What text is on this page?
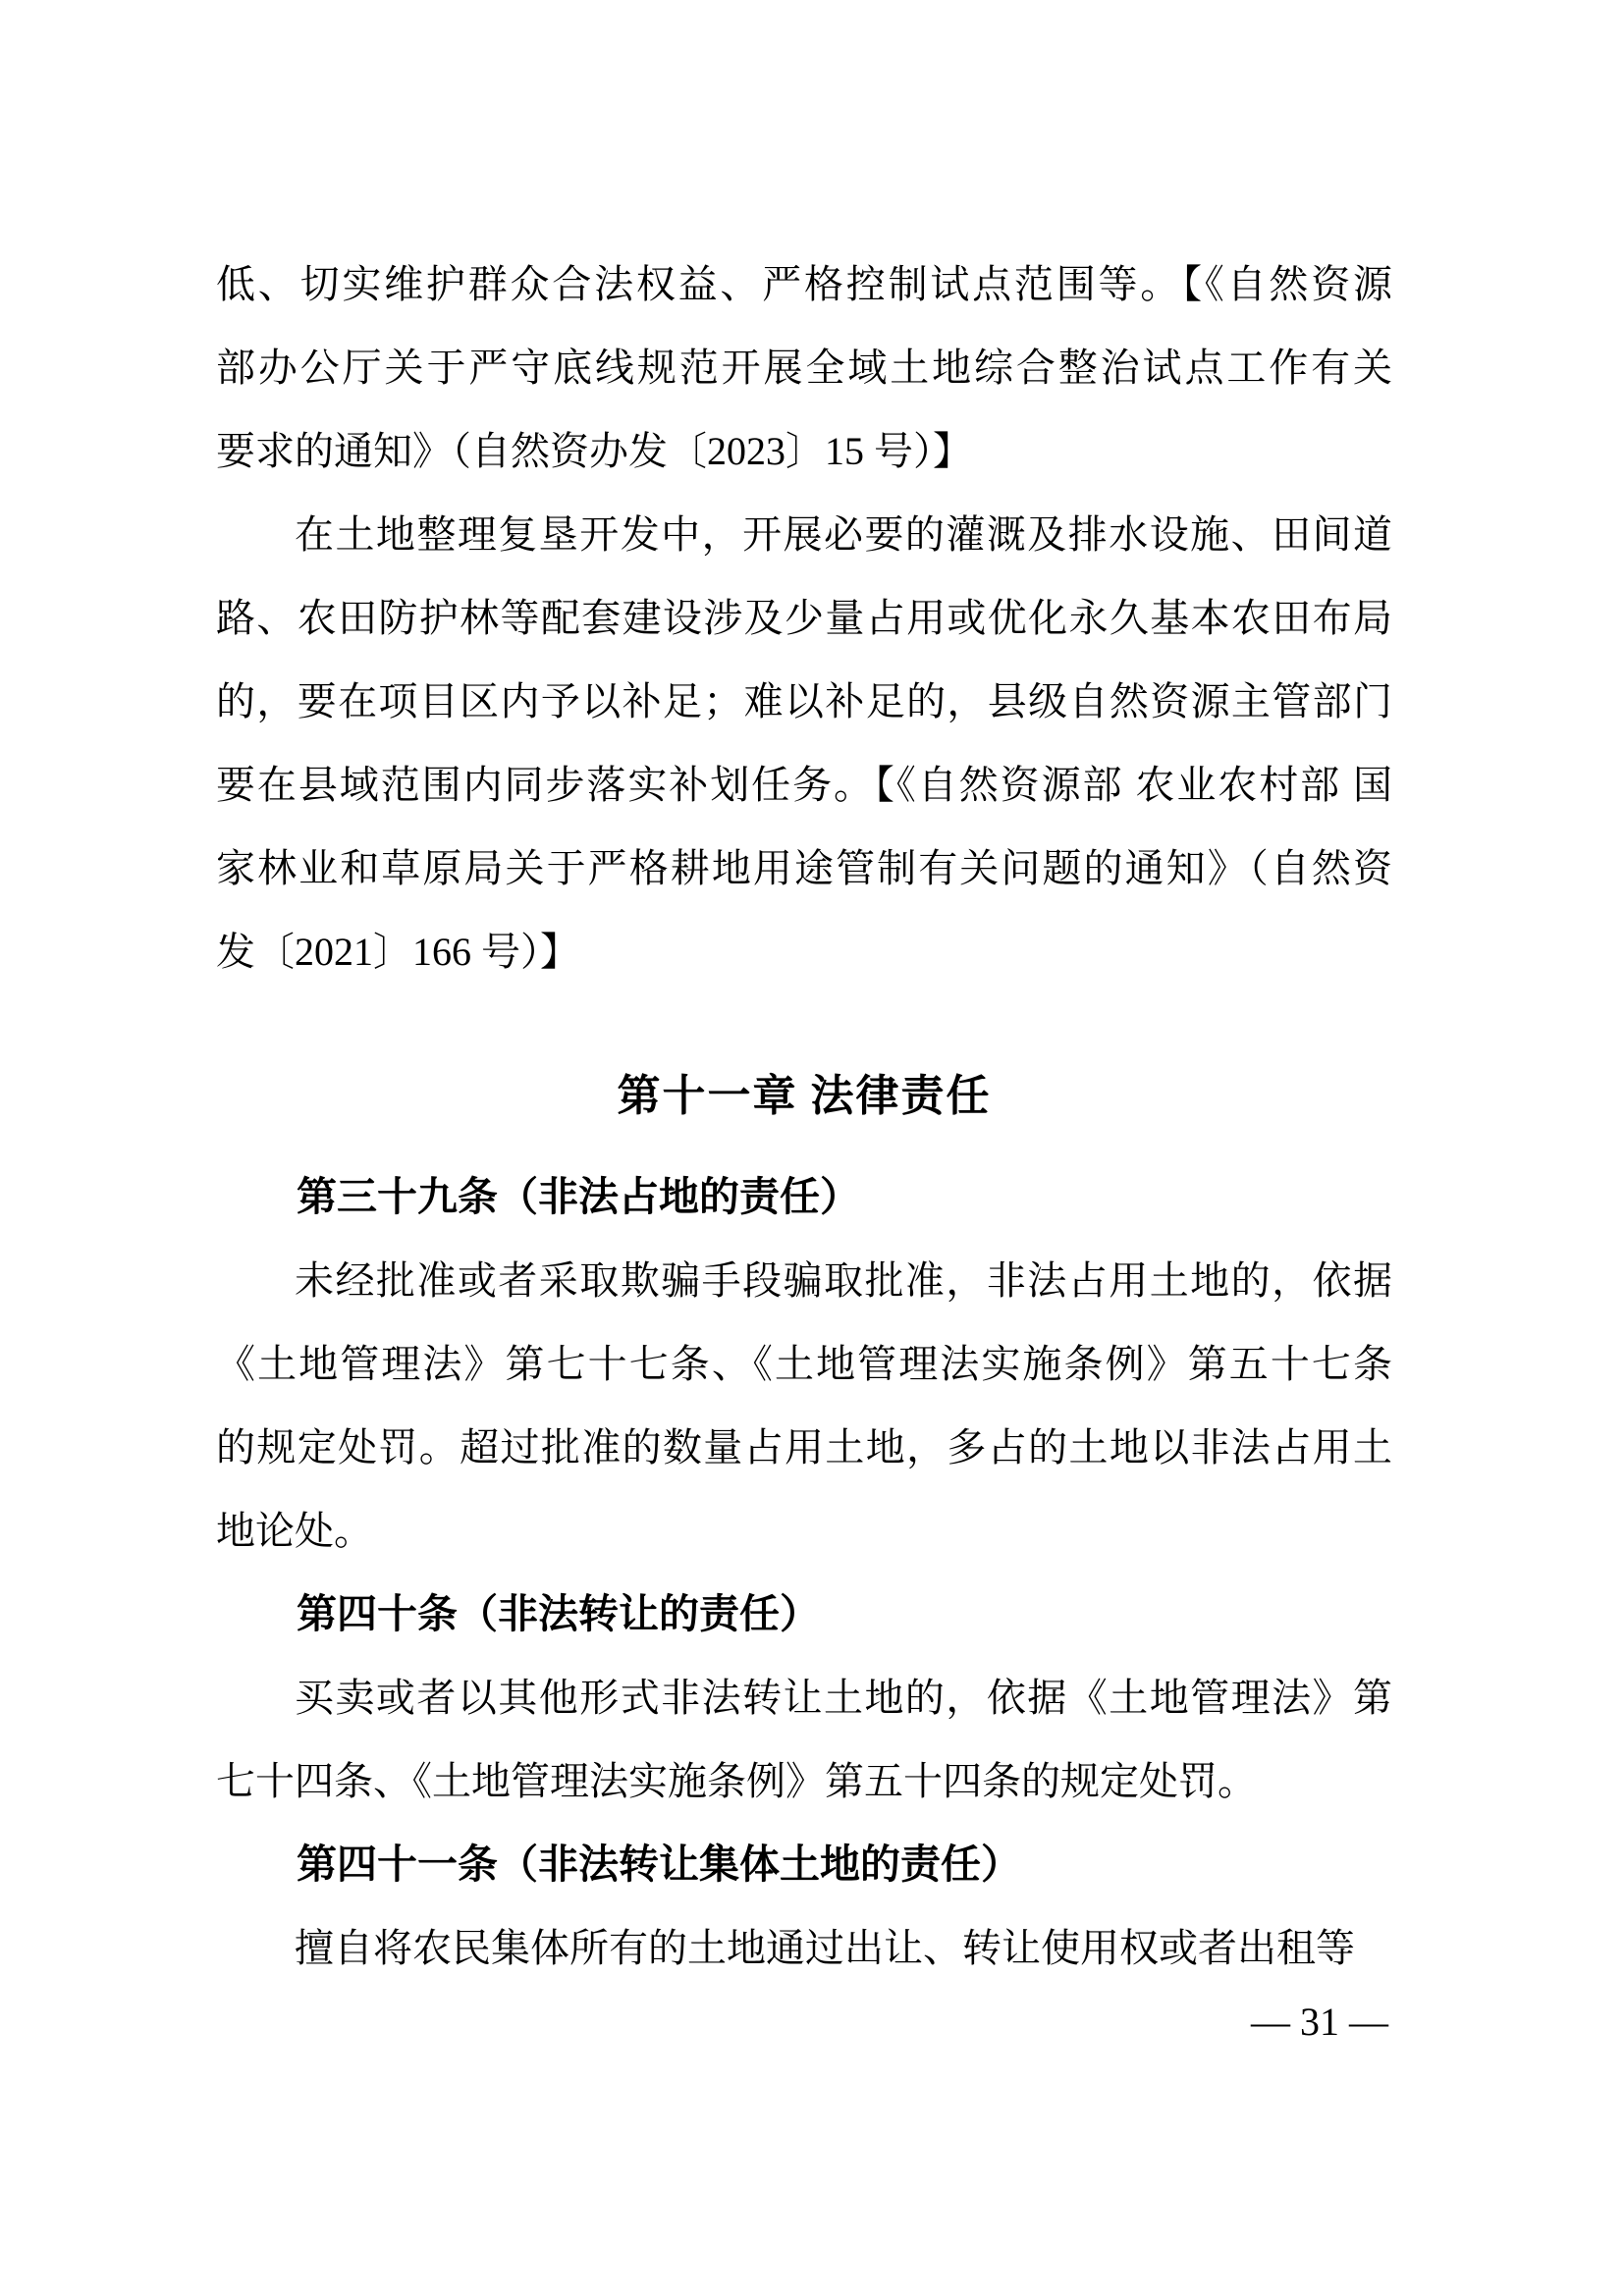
低、切实维护群众合法权益、严格控制试点范围等。【《自然资源
部办公厅关于严守底线规范开展全域土地综合整治试点工作有关
要求的通知》（自然资办发〔2023〕15 号）】
在土地整理复垦开发中，开展必要的灌溉及排水设施、田间道
路、农田防护林等配套建设涉及少量占用或优化永久基本农田布局
的，要在项目区内予以补足；难以补足的，县级自然资源主管部门
要在县域范围内同步落实补划任务。【《自然资源部 农业农村部 国
家林业和草原局关于严格耕地用途管制有关问题的通知》（自然资
发〔2021〕166 号）】
第十一章 法律责任
第三十九条（非法占地的责任）
未经批准或者采取欺骗手段骗取批准，非法占用土地的，依据
《土地管理法》第七十七条、《土地管理法实施条例》第五十七条
的规定处罚。超过批准的数量占用土地，多占的土地以非法占用土
地论处。
第四十条（非法转让的责任）
买卖或者以其他形式非法转让土地的，依据《土地管理法》第
七十四条、《土地管理法实施条例》第五十四条的规定处罚。
第四十一条（非法转让集体土地的责任）
擅自将农民集体所有的土地通过出让、转让使用权或者出租等
— 31 —
